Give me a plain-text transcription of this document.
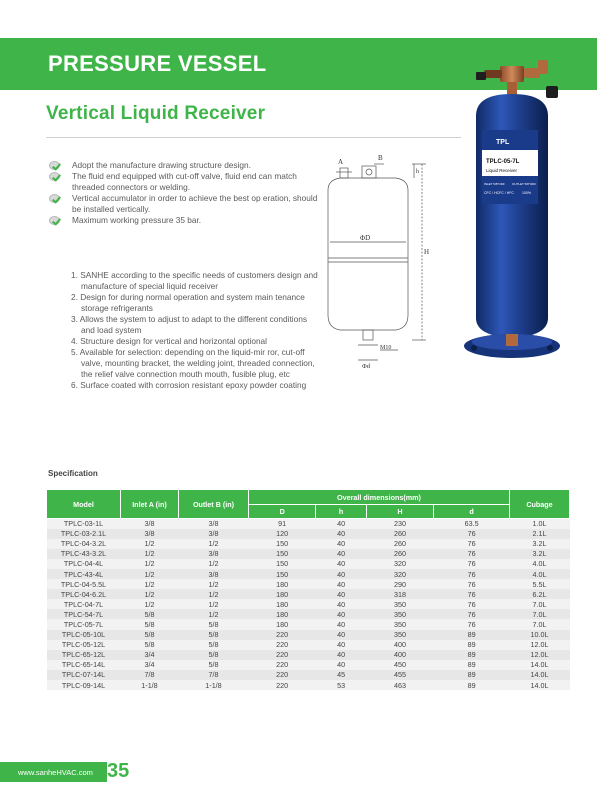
PRESSURE VESSEL
Vertical Liquid Receiver
Adopt the manufacture drawing structure design.
The fluid end equipped with cut-off valve, fluid end can match threaded connectors or welding.
Vertical accumulator in order to achieve the best op eration, should be installed vertically.
Maximum working pressure 35 bar.
1. SANHE according to the specific needs of customers design and manufacture of special liquid receiver
2. Design for during normal operation and system main tenance storage refrigerants
3. Allows the system to adjust to adapt to the different conditions and load system
4. Structure design for vertical and horizontal optional
5. Available for selection: depending on the liquid-mir ror, cut-off valve, mounting bracket, the welding joint, threaded connection, the relief valve connection mouth mouth, fusible plug, etc
6. Surface coated with corrosion resistant epoxy powder coating
A	B
h
ΦD
H
M10
Φd
TPL
TPLC-05-7L
Liquid Receiver
INLET 5/8"ODF OUTLET 5/8"ODF
CFC / HCFC / HFC 100%
Specification
Model	Inlet A (in)	Outlet B (in)	Overall dimensions(mm)				Cubage
			D	h	H	d	
TPLC-03-1L	3/8	3/8	91	40	230	63.5	1.0L
TPLC-03-2.1L	3/8	3/8	120	40	260	76	2.1L
TPLC-04-3.2L	1/2	1/2	150	40	260	76	3.2L
TPLC-43-3.2L	1/2	3/8	150	40	260	76	3.2L
TPLC-04-4L	1/2	1/2	150	40	320	76	4.0L
TPLC-43-4L	1/2	3/8	150	40	320	76	4.0L
TPLC-04-5.5L	1/2	1/2	180	40	290	76	5.5L
TPLC-04-6.2L	1/2	1/2	180	40	318	76	6.2L
TPLC-04-7L	1/2	1/2	180	40	350	76	7.0L
TPLC-54-7L	5/8	1/2	180	40	350	76	7.0L
TPLC-05-7L	5/8	5/8	180	40	350	76	7.0L
TPLC-05-10L	5/8	5/8	220	40	350	89	10.0L
TPLC-05-12L	5/8	5/8	220	40	400	89	12.0L
TPLC-65-12L	3/4	5/8	220	40	400	89	12.0L
TPLC-65-14L	3/4	5/8	220	40	450	89	14.0L
TPLC-07-14L	7/8	7/8	220	45	455	89	14.0L
TPLC-09-14L	1-1/8	1-1/8	220	53	463	89	14.0L
www.sanheHVAC.com 35
